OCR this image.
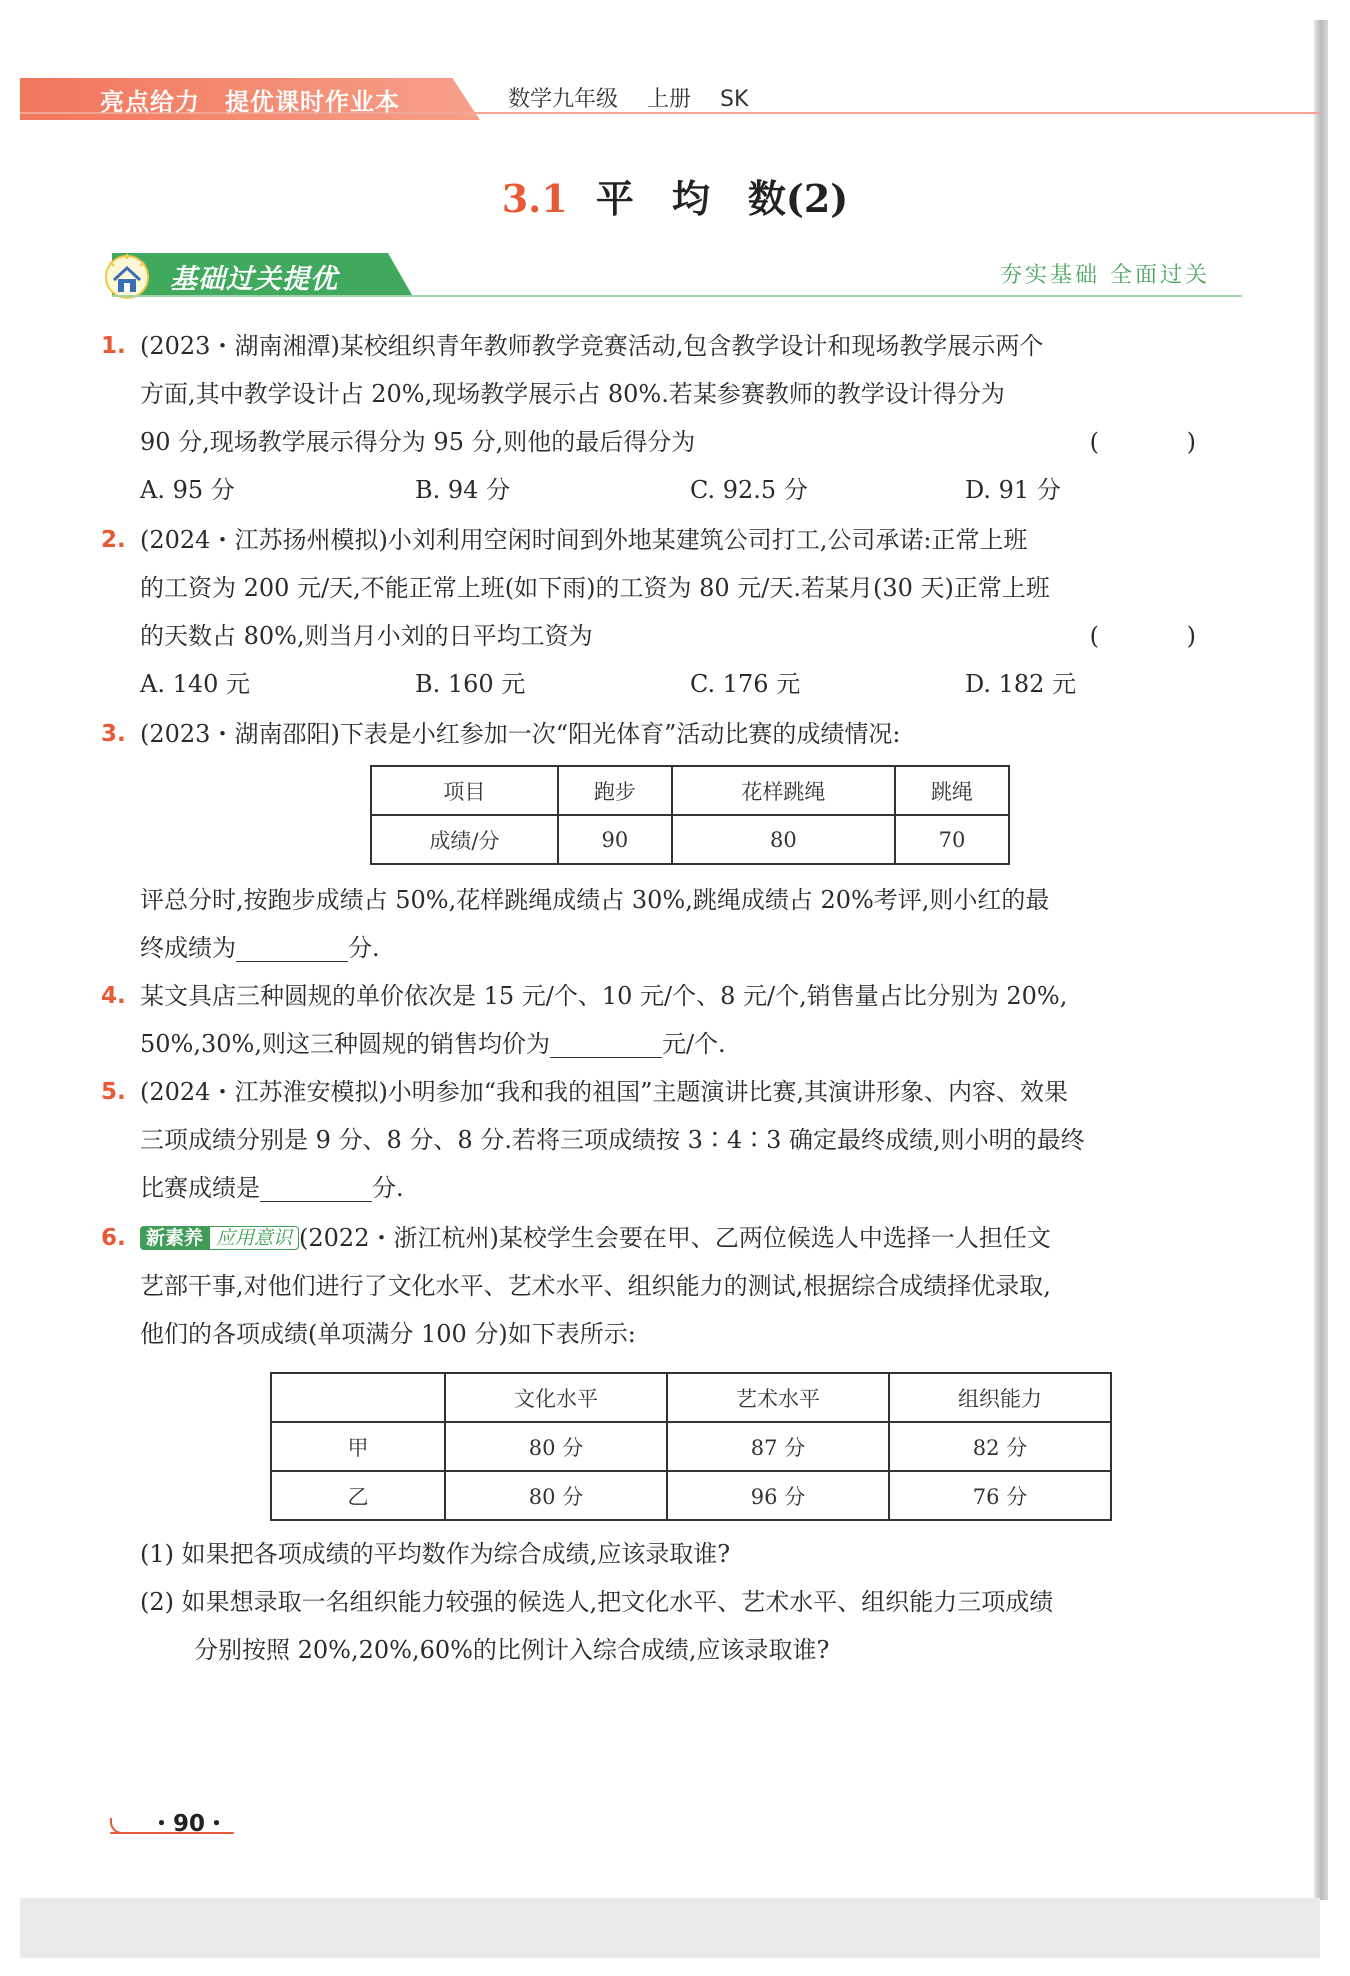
亮点给力　提优课时作业本	数学九年级 上册 SK
3.1 平　均　数(2)
基础过关提优	夯实基础 全面过关
1. (2023・湖南湘潭)某校组织青年教师教学竞赛活动,包含教学设计和现场教学展示两个

方面,其中教学设计占 20%,现场教学展示占 80%.若某参赛教师的教学设计得分为

90 分,现场教学展示得分为 95 分,则他的最后得分为	( )

A. 95 分	B. 94 分	C. 92.5 分	D. 91 分
2. (2024・江苏扬州模拟)小刘利用空闲时间到外地某建筑公司打工,公司承诺:正常上班

的工资为 200 元/天,不能正常上班(如下雨)的工资为 80 元/天.若某月(30 天)正常上班

的天数占 80%,则当月小刘的日平均工资为	( )

A. 140 元	B. 160 元	C. 176 元	D. 182 元
3. (2023・湖南邵阳)下表是小红参加一次“阳光体育”活动比赛的成绩情况:

项目	跑步	花样跳绳	跳绳
成绩/分	90	80	70

评总分时,按跑步成绩占 50%,花样跳绳成绩占 30%,跳绳成绩占 20%考评,则小红的最

终成绩为	分.

4. 某文具店三种圆规的单价依次是 15 元/个、10 元/个、8 元/个,销售量占比分别为 20%,

50%,30%,则这三种圆规的销售均价为	元/个.

5. (2024・江苏淮安模拟)小明参加“我和我的祖国”主题演讲比赛,其演讲形象、内容、效果

三项成绩分别是 9 分、8 分、8 分.若将三项成绩按 3∶4∶3 确定最终成绩,则小明的最终

比赛成绩是	分.

6.	新素养 应用意识 (2022・浙江杭州)某校学生会要在甲、乙两位候选人中选择一人担任文

艺部干事,对他们进行了文化水平、艺术水平、组织能力的测试,根据综合成绩择优录取,

他们的各项成绩(单项满分 100 分)如下表所示:

	文化水平	艺术水平	组织能力
甲	80 分	87 分	82 分
乙	80 分	96 分	76 分

(1) 如果把各项成绩的平均数作为综合成绩,应该录取谁?

(2) 如果想录取一名组织能力较强的候选人,把文化水平、艺术水平、组织能力三项成绩

分别按照 20%,20%,60%的比例计入综合成绩,应该录取谁?

・90・
